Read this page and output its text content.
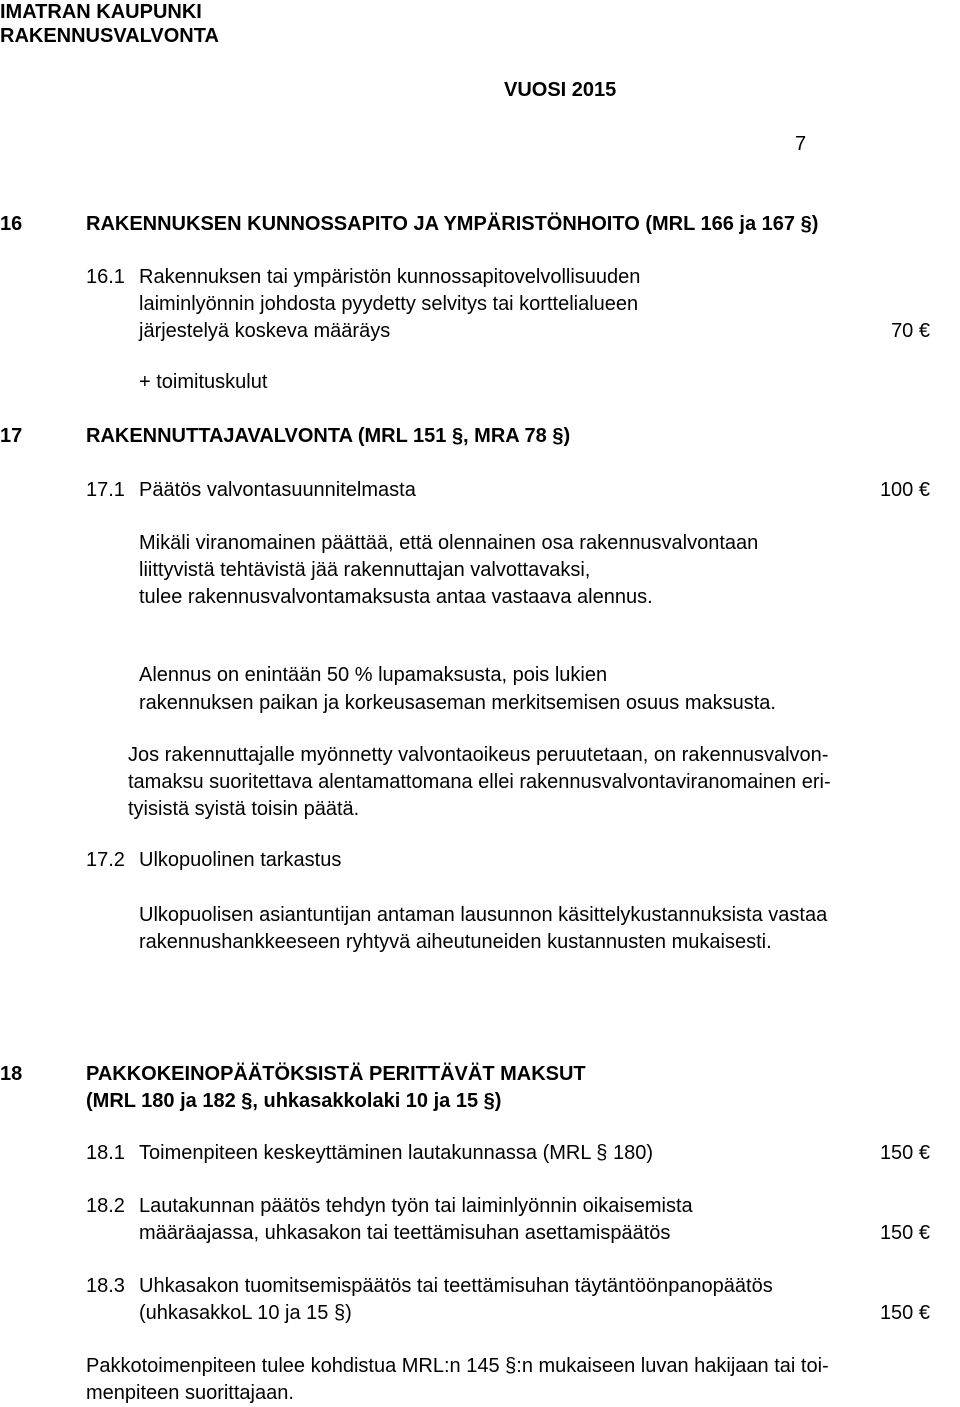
IMATRAN KAUPUNKI
RAKENNUSVALVONTA
VUOSI 2015
7
16	RAKENNUKSEN KUNNOSSAPITO JA YMPÄRISTÖNHOITO (MRL 166 ja 167 §)
16.1 Rakennuksen tai ympäristön kunnossapitovelvollisuuden
laiminlyönnin johdosta pyydetty selvitys tai korttelialueen
järjestelyä koskeva määräys	70 €
+ toimituskulut
17	RAKENNUTTAJAVALVONTA (MRL 151 §, MRA 78 §)
17.1 Päätös valvontasuunnitelmasta	100 €
Mikäli viranomainen päättää, että olennainen osa rakennusvalvontaan
liittyvistä tehtävistä jää rakennuttajan valvottavaksi,
tulee rakennusvalvontamaksusta antaa vastaava alennus.
Alennus on enintään 50 % lupamaksusta, pois lukien
rakennuksen paikan ja korkeusaseman merkitsemisen osuus maksusta.
Jos rakennuttajalle myönnetty valvontaoikeus peruutetaan, on rakennusvalvon-
tamaksu suoritettava alentamattomana ellei rakennusvalvontaviranomainen eri-
tyisistä syistä toisin päätä.
17.2 Ulkopuolinen tarkastus
Ulkopuolisen asiantuntijan antaman lausunnon käsittelykustannuksista vastaa
rakennushankkeeseen ryhtyvä aiheutuneiden kustannusten mukaisesti.
18	PAKKOKEINOPÄÄTÖKSISTÄ PERITTÄVÄT MAKSUT
(MRL 180 ja 182 §, uhkasakkolaki 10 ja 15 §)
18.1 Toimenpiteen keskeyttäminen lautakunnassa (MRL § 180)	150 €
18.2 Lautakunnan päätös tehdyn työn tai laiminlyönnin oikaisemista
määräajassa, uhkasakon tai teettämisuhan asettamispäätös	150 €
18.3 Uhkasakon tuomitsemispäätös tai teettämisuhan täytäntöönpanopäätös
(uhkasakkoL 10 ja 15 §)	150 €
Pakkotoimenpiteen tulee kohdistua MRL:n 145 §:n mukaiseen luvan hakijaan tai toi-
menpiteen suorittajaan.
